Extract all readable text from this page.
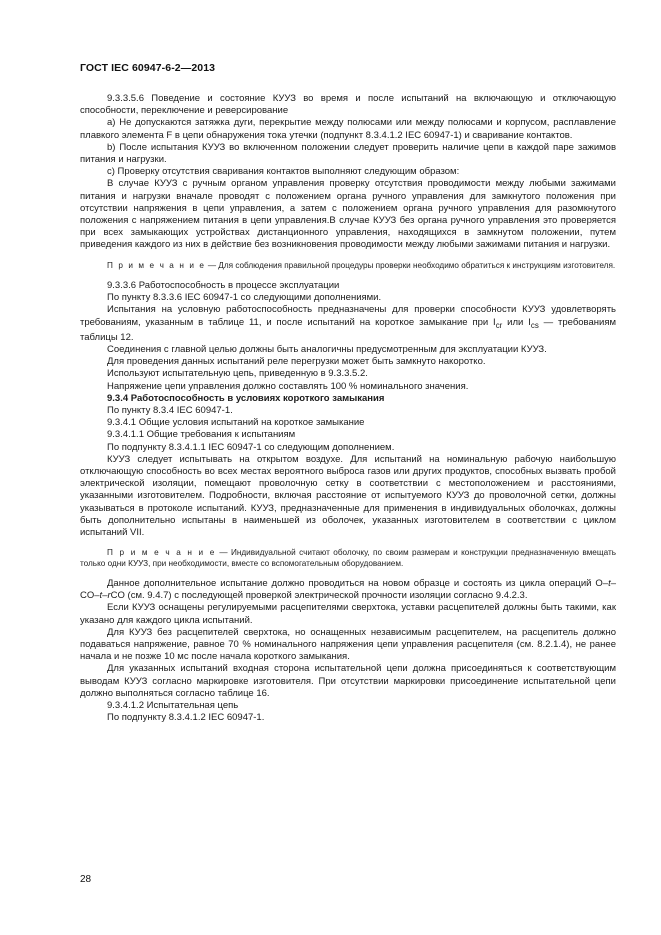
ГОСТ IEC 60947-6-2—2013

9.3.3.5.6 Поведение и состояние КУУЗ во время и после испытаний на включающую и отключающую способности, переключение и реверсирование

a) Не допускаются затяжка дуги, перекрытие между полюсами или между полюсами и корпусом, расплавление плавкого элемента F в цепи обнаружения тока утечки (подпункт 8.3.4.1.2 IEC 60947-1) и сваривание контактов.

b) После испытания КУУЗ во включенном положении следует проверить наличие цепи в каждой паре зажимов питания и нагрузки.

c) Проверку отсутствия сваривания контактов выполняют следующим образом:

В случае КУУЗ с ручным органом управления проверку отсутствия проводимости между любыми зажимами питания и нагрузки вначале проводят с положением органа ручного управления для замкнутого положения при отсутствии напряжения в цепи управления, а затем с положением органа ручного управления для разомкнутого положения с напряжением питания в цепи управления.В случае КУУЗ без органа ручного управления это проверяется при всех замыкающих устройствах дистанционного управления, находящихся в замкнутом положении, путем приведения каждого из них в действие без возникновения проводимости между любыми зажимами питания и нагрузки.

П р и м е ч а н и е — Для соблюдения правильной процедуры проверки необходимо обратиться к инструкциям изготовителя.

9.3.3.6 Работоспособность в процессе эксплуатации

По пункту 8.3.3.6 IEC 60947-1 со следующими дополнениями.

Испытания на условную работоспособность предназначены для проверки способности КУУЗ удовлетворять требованиям, указанным в таблице 11, и после испытаний на короткое замыкание при $I_{cr}$ или $I_{cs}$ — требованиям таблицы 12.

Соединения с главной целью должны быть аналогичны предусмотренным для эксплуатации КУУЗ.

Для проведения данных испытаний реле перегрузки может быть замкнуто накоротко.

Используют испытательную цепь, приведенную в 9.3.3.5.2.

Напряжение цепи управления должно составлять 100 % номинального значения.

9.3.4 Работоспособность в условиях короткого замыкания

По пункту 8.3.4 IEC 60947-1.

9.3.4.1 Общие условия испытаний на короткое замыкание

9.3.4.1.1 Общие требования к испытаниям

По подпункту 8.3.4.1.1 IEC 60947-1 со следующим дополнением.

КУУЗ следует испытывать на открытом воздухе. Для испытаний на номинальную рабочую наибольшую отключающую способность во всех местах вероятного выброса газов или других продуктов, способных вызвать пробой электрической изоляции, помещают проволочную сетку в соответствии с местоположением и расстояниями, указанными изготовителем. Подробности, включая расстояние от испытуемого КУУЗ до проволочной сетки, должны указываться в протоколе испытаний. КУУЗ, предназначенные для применения в индивидуальных оболочках, должны быть дополнительно испытаны в наименьшей из оболочек, указанных изготовителем в соответствии с циклом испытаний VII.

П р и м е ч а н и е — Индивидуальной считают оболочку, по своим размерам и конструкции предназначенную вмещать только одни КУУЗ, при необходимости, вместе со вспомогательным оборудованием.

Данное дополнительное испытание должно проводиться на новом образце и состоять из цикла операций O–t–CO–t–rCO (см. 9.4.7) с последующей проверкой электрической прочности изоляции согласно 9.4.2.3.

Если КУУЗ оснащены регулируемыми расцепителями сверхтока, уставки расцепителей должны быть такими, как указано для каждого цикла испытаний.

Для КУУЗ без расцепителей сверхтока, но оснащенных независимым расцепителем, на расцепитель должно подаваться напряжение, равное 70 % номинального напряжения цепи управления расцепителя (см. 8.2.1.4), не ранее начала и не позже 10 мс после начала короткого замыкания.

Для указанных испытаний входная сторона испытательной цепи должна присоединяться к соответствующим выводам КУУЗ согласно маркировке изготовителя. При отсутствии маркировки присоединение испытательной цепи должно выполняться согласно таблице 16.

9.3.4.1.2 Испытательная цепь

По подпункту 8.3.4.1.2 IEC 60947-1.

28
